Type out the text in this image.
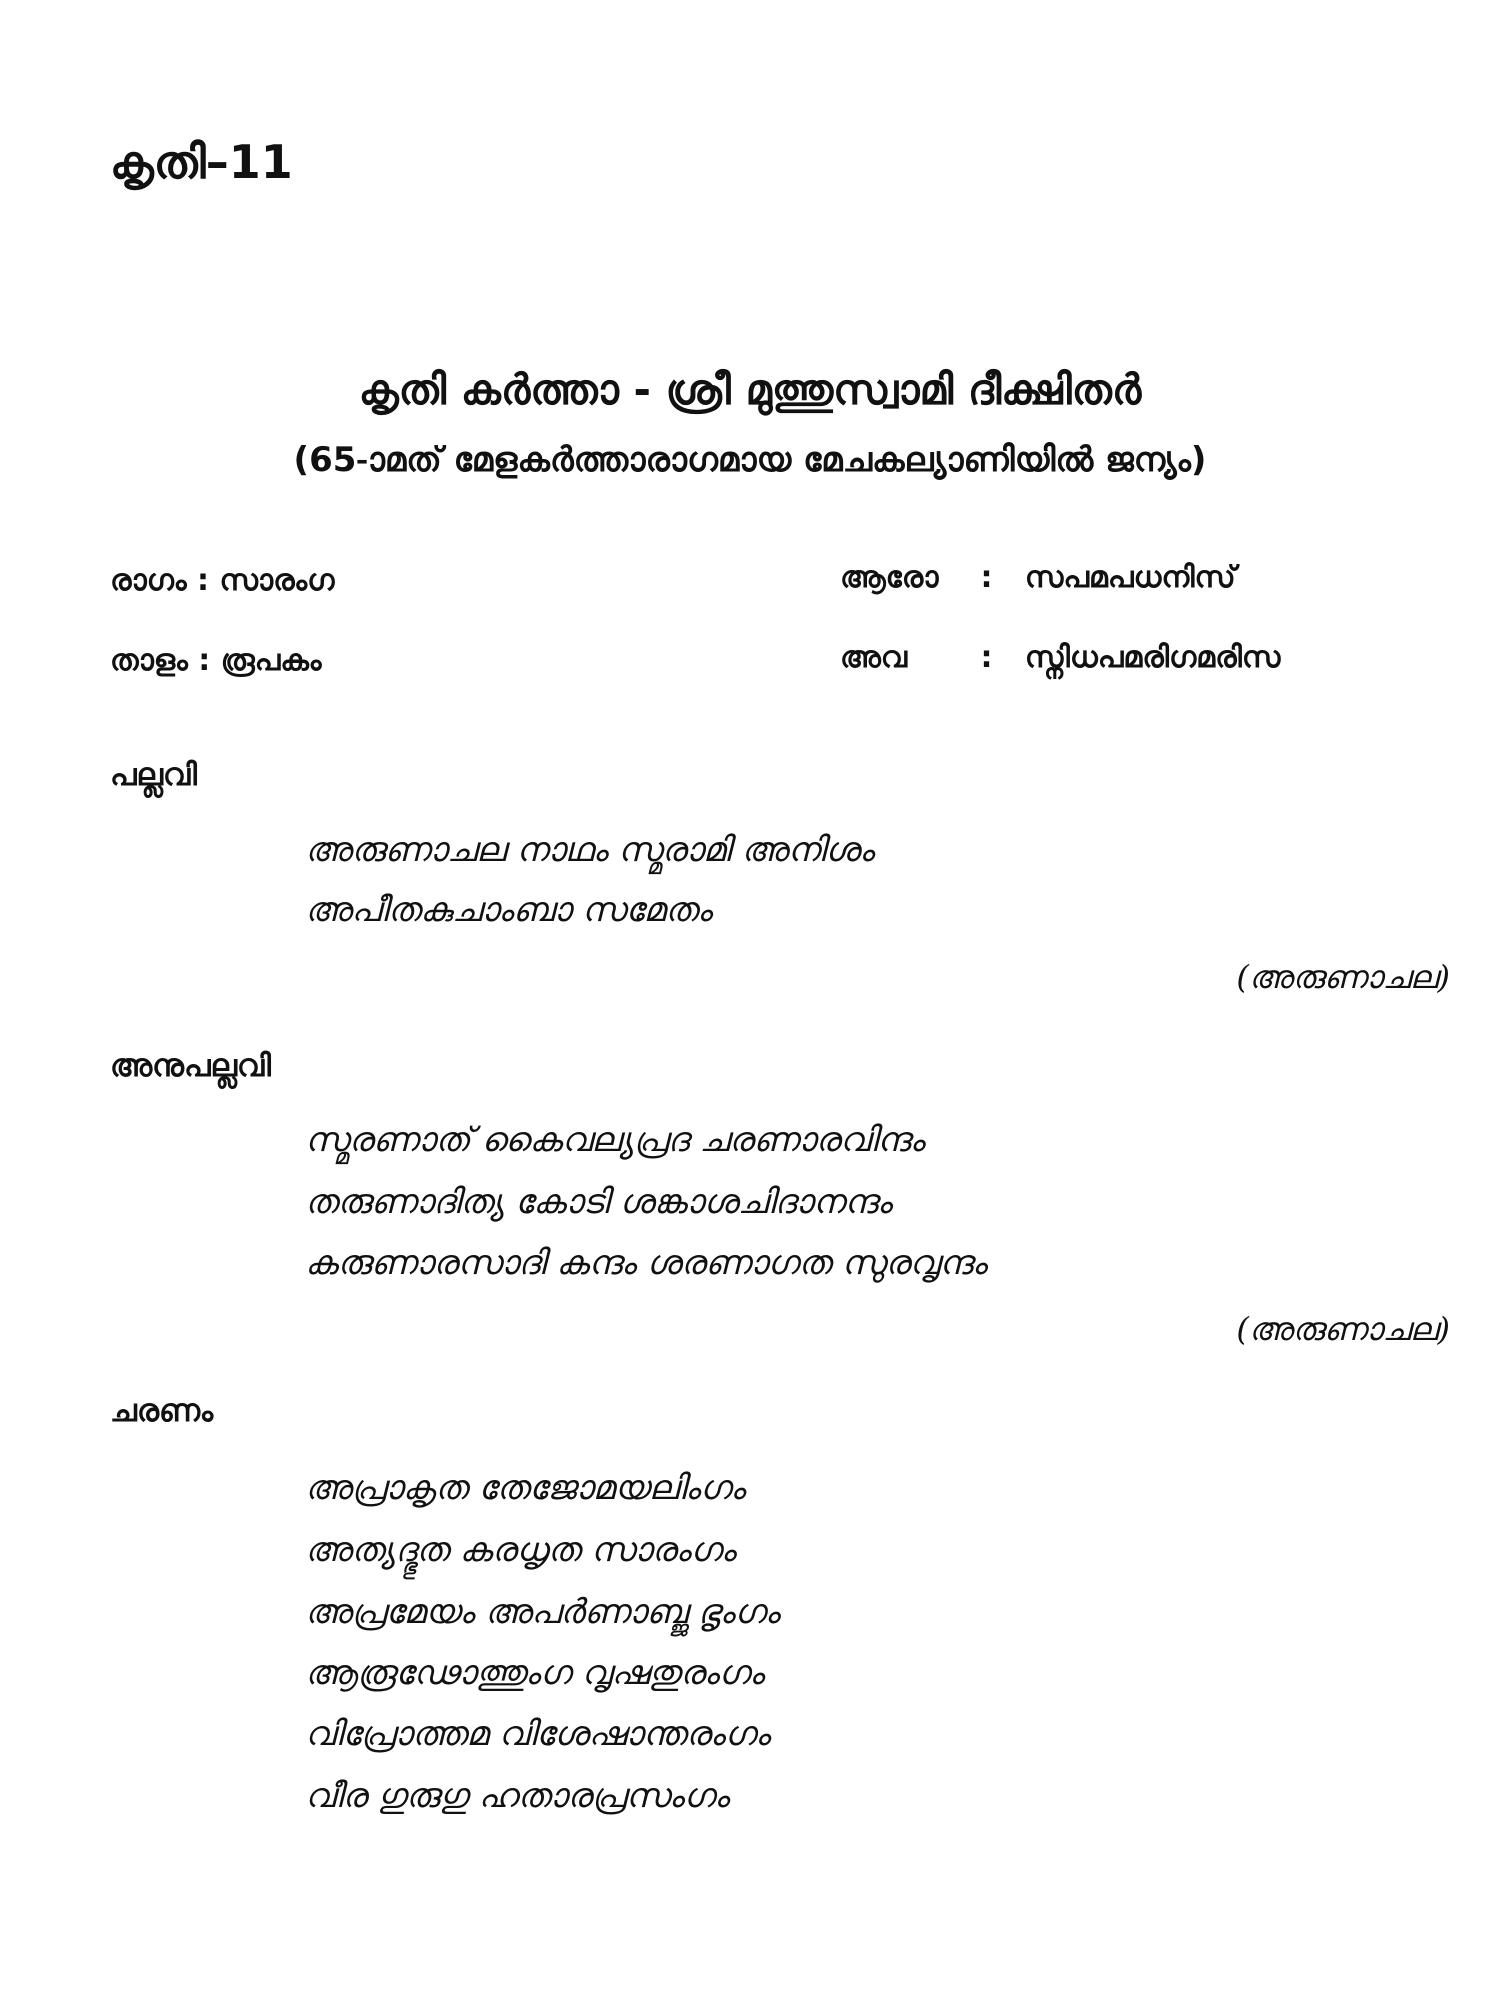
കൃതി–11
കൃതി കർത്താ - ശ്രീ മുത്തുസ്വാമി ദീക്ഷിതർ
(65-ാമത് മേളകർത്താരാഗമായ മേചകല്യാണിയിൽ ജന്യം)
രാഗം : സാരംഗ
താളം : രൂപകം
ആരോ : സപമപധനിസ്
അവ : സ്നിധപമരിഗമരിസ
പല്ലവി
അരുണാചല നാഥം സ്മരാമി അനിശം
അപീതകുചാംബാ സമേതം
(അരുണാചല)
അനുപല്ലവി
സ്മരണാത് കൈവല്യപ്രദ ചരണാരവിന്ദം
തരുണാദിത്യ കോടി ശങ്കാശചിദാനന്ദം
കരുണാരസാദി കന്ദം ശരണാഗത സുരവൃന്ദം
(അരുണാചല)
ചരണം
അപ്രാകൃത തേജോമയലിംഗം
അത്യദ്ഭുത കരധൃത സാരംഗം
അപ്രമേയം അപർണാബ്ജ ഭൃംഗം
ആരൂഢോത്തുംഗ വൃഷതുരംഗം
വിപ്രോത്തമ വിശേഷാന്തരംഗം
വീര ഗുരുഗു ഹതാരപ്രസംഗം
